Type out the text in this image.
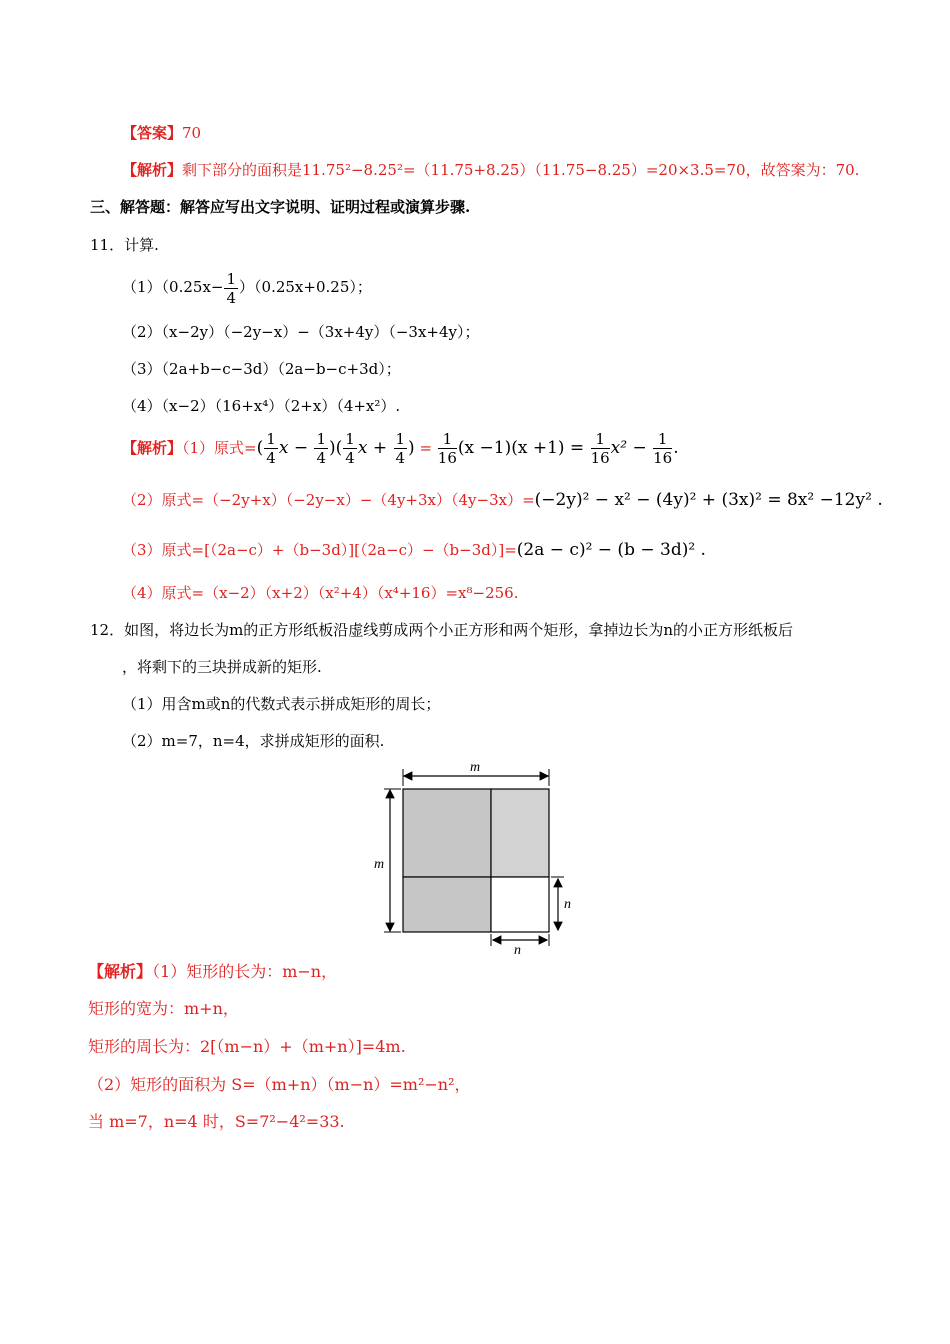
【答案】70
【解析】剩下部分的面积是11.75²−8.25²=（11.75+8.25）（11.75−8.25）=20×3.5=70，故答案为：70.
三、解答题：解答应写出文字说明、证明过程或演算步骤.
11．计算.
$(1)(0.25x- \frac{1}{4} )(0.25x+0.25)$；
（2）（x−2y）（−2y−x）−（3x+4y）（−3x+4y）；
（3）（2a+b−c−3d）（2a−b−c+3d）；
（4）（x−2）（16+x⁴）（2+x）（4+x²）.
【解析】（1）原式=( $\frac{1}{4}$ $x - \frac{1}{4}$ )( $\frac{1}{4}$ $x + \frac{1}{4}$ ) = $\frac{1}{16} (x -1)(x +1) = \frac{1}{16} x^2 - \frac{1}{16}$ .
（2）原式=（−2y+x）（−2y−x）−（4y+3x）（4y−3x）=(−2y)² − x² − (4y)² + (3x)² = 8x² −12y² .
（3）原式=[（2a−c）+（b−3d）][（2a−c）−（b−3d）]=(2a − c)² − (b − 3d)² .
（4）原式=（x−2）（x+2）（x²+4）（x⁴+16）=x⁸−256.
12．如图，将边长为m的正方形纸板沿虚线剪成两个小正方形和两个矩形，拿掉边长为n的小正方形纸板后
，将剩下的三块拼成新的矩形.
（1）用含m或n的代数式表示拼成矩形的周长；
（2）m=7，n=4，求拼成矩形的面积.
m
m
n
n
【解析】（1）矩形的长为：m−n，
矩形的宽为：m+n，
矩形的周长为：2[（m−n）+（m+n）]=4m.
（2）矩形的面积为 S=（m+n）（m−n）=m²−n²，
当 m=7，n=4 时，S=7²−4²=33.
